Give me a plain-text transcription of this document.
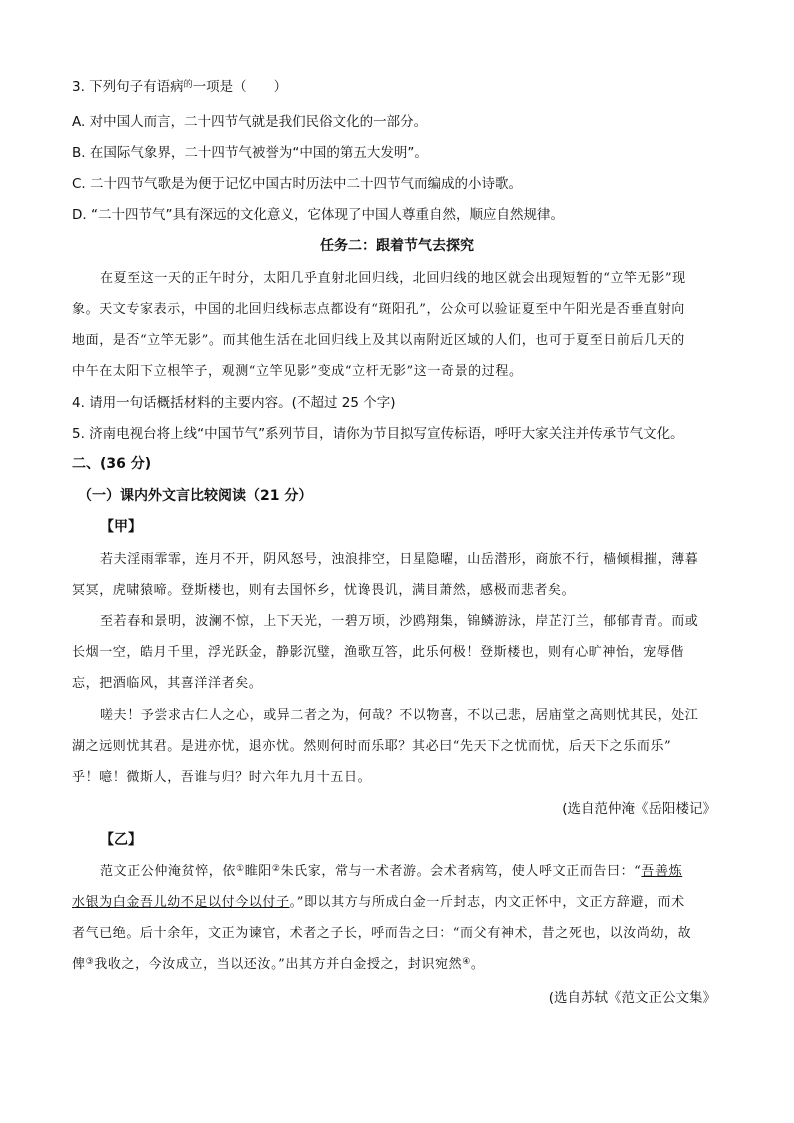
3. 下列句子有语病$^的$一项是（　　）
A. 对中国人而言，二十四节气就是我们民俗文化的一部分。
B. 在国际气象界，二十四节气被誉为“中国的第五大发明”。
C. 二十四节气歌是为便于记忆中国古时历法中二十四节气而编成的小诗歌。
D. “二十四节气”具有深远的文化意义，它体现了中国人尊重自然，顺应自然规律。
任务二：跟着节气去探究
在夏至这一天的正午时分，太阳几乎直射北回归线，北回归线的地区就会出现短暂的“立竿无影”现
象。天文专家表示，中国的北回归线标志点都设有“斑阳孔”，公众可以验证夏至中午阳光是否垂直射向
地面，是否“立竿无影”。而其他生活在北回归线上及其以南附近区域的人们，也可于夏至日前后几天的
中午在太阳下立根竿子，观测“立竿见影”变成“立杆无影”这一奇景的过程。
4. 请用一句话概括材料的主要内容。(不超过 25 个字)
5. 济南电视台将上线“中国节气”系列节目，请你为节目拟写宣传标语，呼吁大家关注并传承节气文化。
二、(36 分)
（一）课内外文言比较阅读（21 分）
【甲】
若夫淫雨霏霏，连月不开，阴风怒号，浊浪排空，日星隐曜，山岳潜形，商旅不行，樯倾楫摧，薄暮
冥冥，虎啸猿啼。登斯楼也，则有去国怀乡，忧谗畏讥，满目萧然，感极而悲者矣。
至若春和景明，波澜不惊，上下天光，一碧万顷，沙鸥翔集，锦鳞游泳，岸芷汀兰，郁郁青青。而或
长烟一空，皓月千里，浮光跃金，静影沉璧，渔歌互答，此乐何极！登斯楼也，则有心旷神怡，宠辱偕
忘，把酒临风，其喜洋洋者矣。
嗟夫！予尝求古仁人之心，或异二者之为，何哉？不以物喜，不以己悲，居庙堂之高则忧其民，处江
湖之远则忧其君。是进亦忧，退亦忧。然则何时而乐耶？其必曰“先天下之忧而忧，后天下之乐而乐”
乎！噫！微斯人，吾谁与归？时六年九月十五日。
(选自范仲淹《岳阳楼记》
【乙】
范文正公仲淹贫悴，依①睢阳②朱氏家，常与一术者游。会术者病笃，使人呼文正而告曰：“吾善炼
水银为白金吾儿幼不足以付今以付子。”即以其方与所成白金一斤封志，内文正怀中，文正方辞避，而术
者气已绝。后十余年，文正为谏官，术者之子长，呼而告之曰：“而父有神术，昔之死也，以汝尚幼，故
俾③我收之，今汝成立，当以还汝。”出其方并白金授之，封识宛然④。
(选自苏轼《范文正公文集》
